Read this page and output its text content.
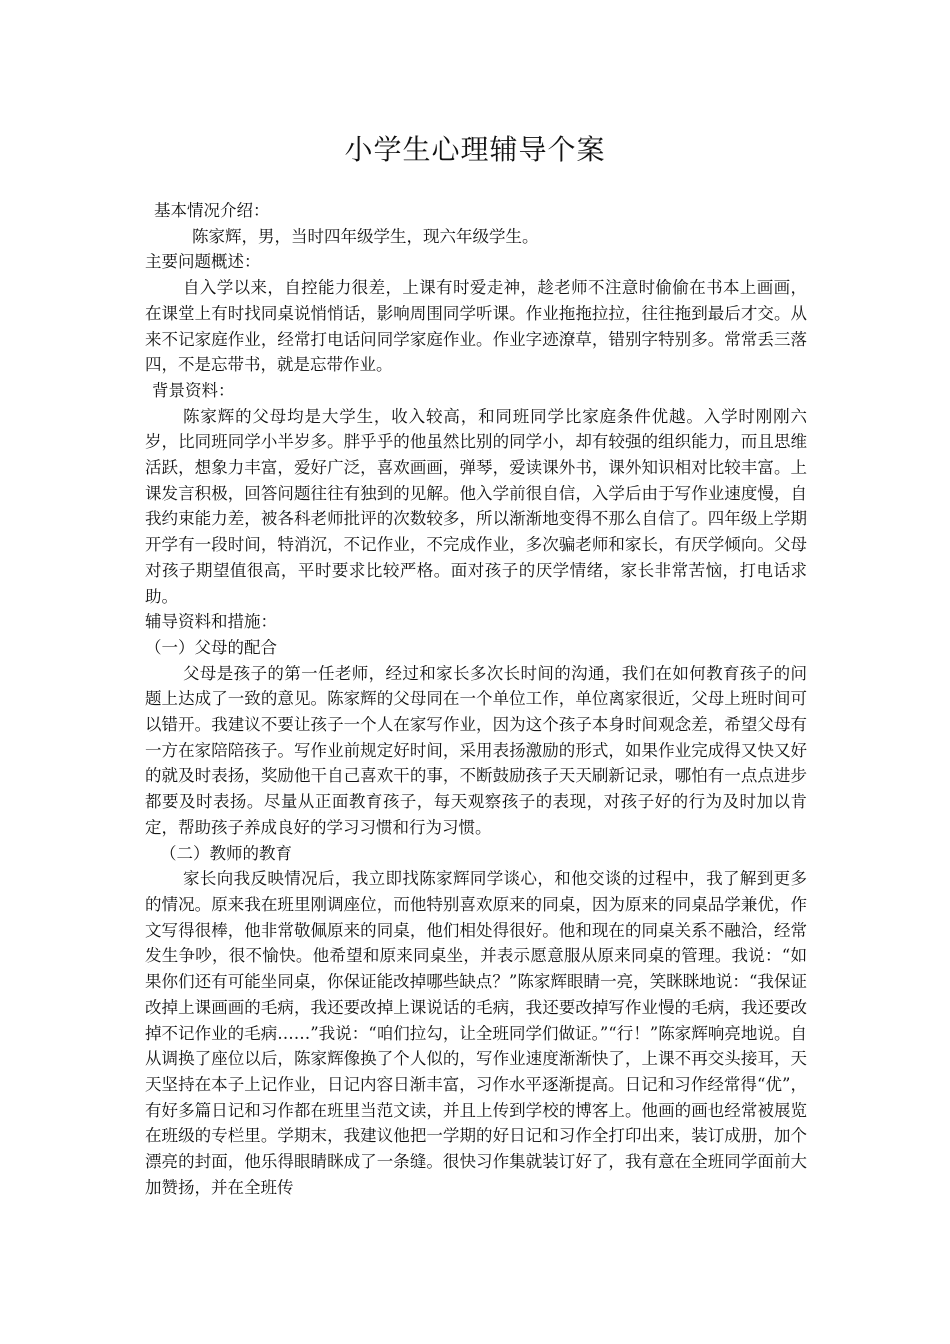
小学生心理辅导个案

基本情况介绍：

陈家辉，男，当时四年级学生，现六年级学生。

主要问题概述：

自入学以来，自控能力很差，上课有时爱走神，趁老师不注意时偷偷在书本上画画，在课堂上有时找同桌说悄悄话，影响周围同学听课。作业拖拖拉拉，往往拖到最后才交。从来不记家庭作业，经常打电话问同学家庭作业。作业字迹潦草，错别字特别多。常常丢三落四，不是忘带书，就是忘带作业。

背景资料：

陈家辉的父母均是大学生，收入较高，和同班同学比家庭条件优越。入学时刚刚六岁，比同班同学小半岁多。胖乎乎的他虽然比别的同学小，却有较强的组织能力，而且思维活跃，想象力丰富，爱好广泛，喜欢画画，弹琴，爱读课外书，课外知识相对比较丰富。上课发言积极，回答问题往往有独到的见解。他入学前很自信，入学后由于写作业速度慢，自我约束能力差，被各科老师批评的次数较多，所以渐渐地变得不那么自信了。四年级上学期开学有一段时间，特消沉，不记作业，不完成作业，多次骗老师和家长，有厌学倾向。父母对孩子期望值很高，平时要求比较严格。面对孩子的厌学情绪，家长非常苦恼，打电话求助。

辅导资料和措施：

（一）父母的配合

父母是孩子的第一任老师，经过和家长多次长时间的沟通，我们在如何教育孩子的问题上达成了一致的意见。陈家辉的父母同在一个单位工作，单位离家很近，父母上班时间可以错开。我建议不要让孩子一个人在家写作业，因为这个孩子本身时间观念差，希望父母有一方在家陪陪孩子。写作业前规定好时间，采用表扬激励的形式，如果作业完成得又快又好的就及时表扬，奖励他干自己喜欢干的事，不断鼓励孩子天天刷新记录，哪怕有一点点进步都要及时表扬。尽量从正面教育孩子，每天观察孩子的表现，对孩子好的行为及时加以肯定，帮助孩子养成良好的学习习惯和行为习惯。

（二）教师的教育

家长向我反映情况后，我立即找陈家辉同学谈心，和他交谈的过程中，我了解到更多的情况。原来我在班里刚调座位，而他特别喜欢原来的同桌，因为原来的同桌品学兼优，作文写得很棒，他非常敬佩原来的同桌，他们相处得很好。他和现在的同桌关系不融洽，经常发生争吵，很不愉快。他希望和原来同桌坐，并表示愿意服从原来同桌的管理。我说：“如果你们还有可能坐同桌，你保证能改掉哪些缺点？”陈家辉眼睛一亮，笑眯眯地说：“我保证改掉上课画画的毛病，我还要改掉上课说话的毛病，我还要改掉写作业慢的毛病，我还要改掉不记作业的毛病……”我说：“咱们拉勾，让全班同学们做证。”“行！”陈家辉响亮地说。自从调换了座位以后，陈家辉像换了个人似的，写作业速度渐渐快了，上课不再交头接耳，天天坚持在本子上记作业，日记内容日渐丰富，习作水平逐渐提高。日记和习作经常得“优”，有好多篇日记和习作都在班里当范文读，并且上传到学校的博客上。他画的画也经常被展览在班级的专栏里。学期末，我建议他把一学期的好日记和习作全打印出来，装订成册，加个漂亮的封面，他乐得眼睛眯成了一条缝。很快习作集就装订好了，我有意在全班同学面前大加赞扬，并在全班传
